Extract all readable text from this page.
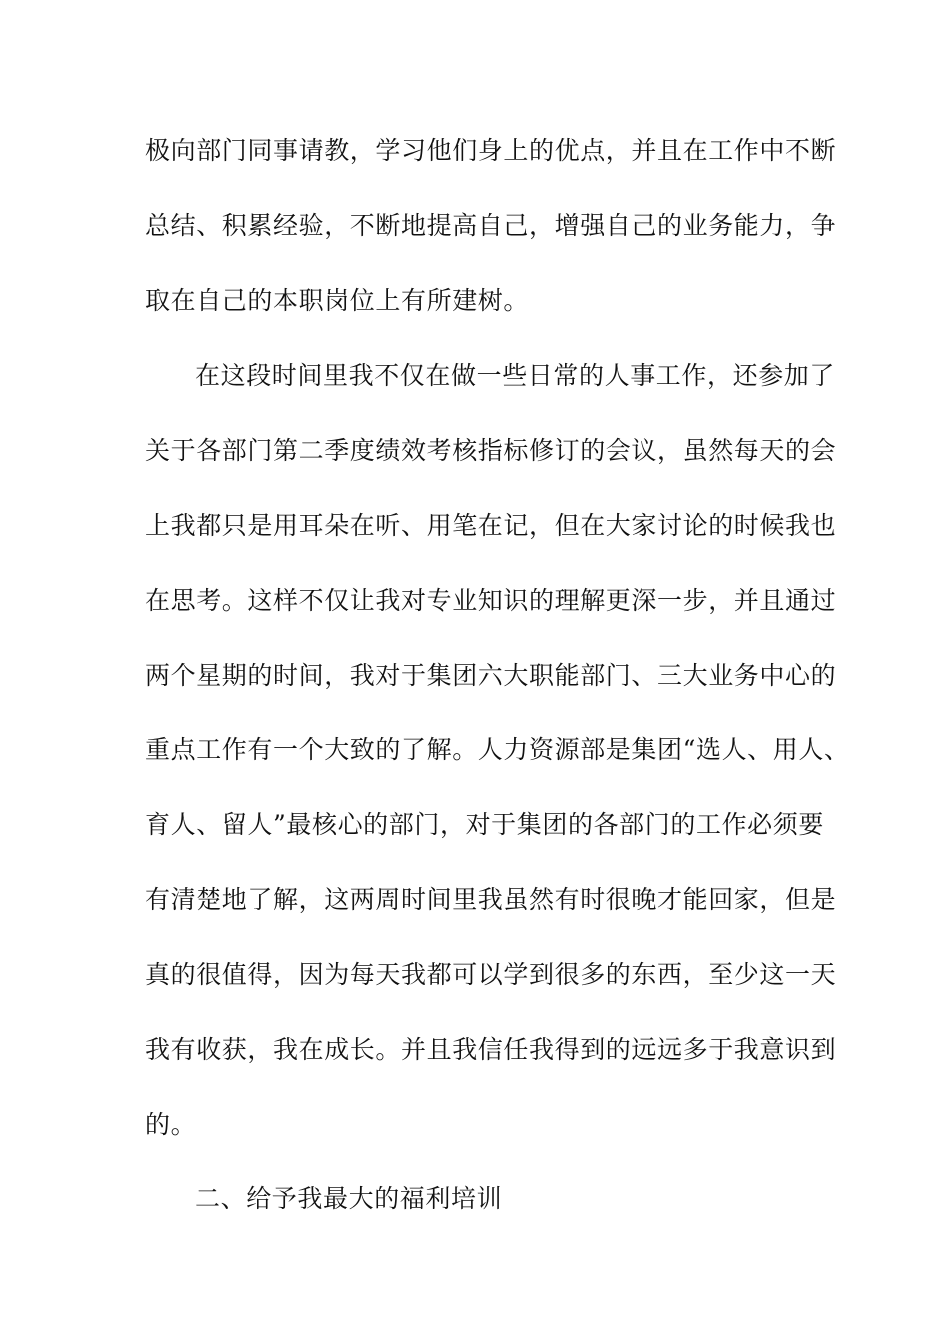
极向部门同事请教，学习他们身上的优点，并且在工作中不断
总结、积累经验，不断地提高自己，增强自己的业务能力，争
取在自己的本职岗位上有所建树。
在这段时间里我不仅在做一些日常的人事工作，还参加了
关于各部门第二季度绩效考核指标修订的会议，虽然每天的会
上我都只是用耳朵在听、用笔在记，但在大家讨论的时候我也
在思考。这样不仅让我对专业知识的理解更深一步，并且通过
两个星期的时间，我对于集团六大职能部门、三大业务中心的
重点工作有一个大致的了解。人力资源部是集团“选人、用人、
育人、留人”最核心的部门，对于集团的各部门的工作必须要
有清楚地了解，这两周时间里我虽然有时很晚才能回家，但是
真的很值得，因为每天我都可以学到很多的东西，至少这一天
我有收获，我在成长。并且我信任我得到的远远多于我意识到
的。
二、给予我最大的福利培训
